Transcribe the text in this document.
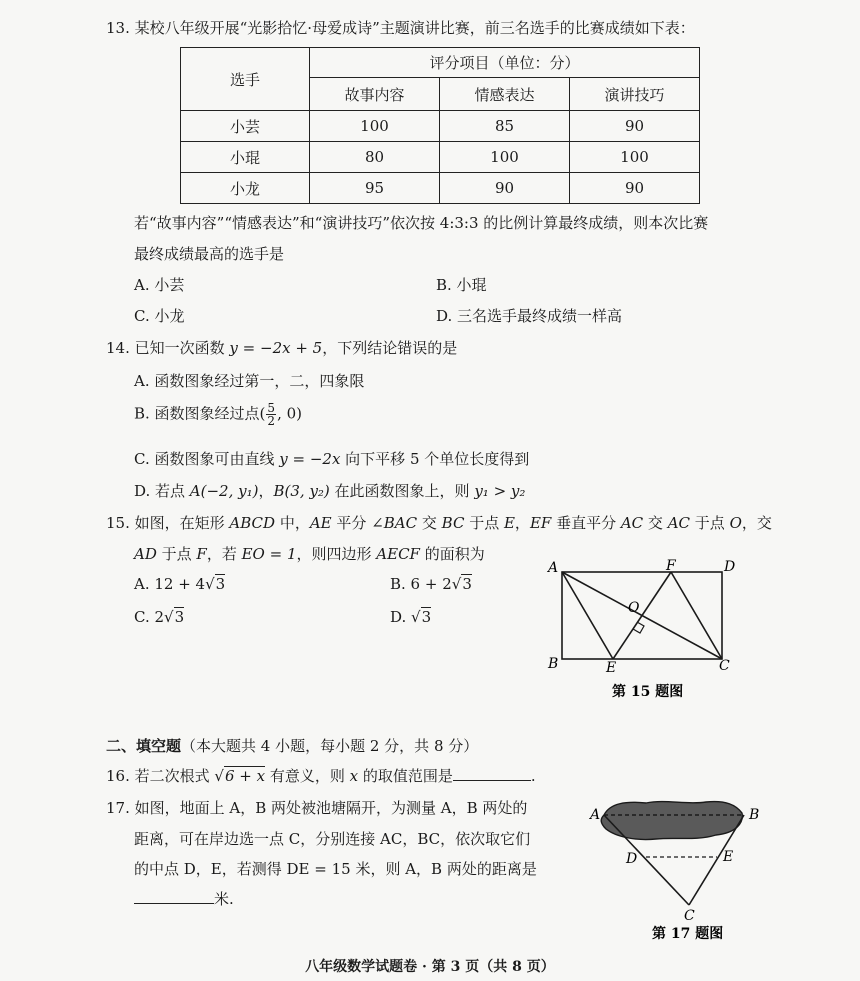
13. 某校八年级开展“光影拾忆·母爱成诗”主题演讲比赛，前三名选手的比赛成绩如下表：
选手	评分项目（单位：分）		
	故事内容	情感表达	演讲技巧
小芸	100	85	90
小琨	80	100	100
小龙	95	90	90
若“故事内容”“情感表达”和“演讲技巧”依次按 4:3:3 的比例计算最终成绩，则本次比赛
最终成绩最高的选手是
A. 小芸	B. 小琨
C. 小龙	D. 三名选手最终成绩一样高
14. 已知一次函数 y = −2x + 5，下列结论错误的是
A. 函数图象经过第一，二，四象限
B. 函数图象经过点( $\frac{5}{2}$ , 0)
C. 函数图象可由直线 y = −2x 向下平移 5 个单位长度得到
D. 若点 A(−2, y₁)，B(3, y₂) 在此函数图象上，则 y₁ > y₂
15. 如图，在矩形 ABCD 中，AE 平分 ∠BAC 交 BC 于点 E，EF 垂直平分 AC 交 AC 于点 O，交
AD 于点 F，若 EO = 1，则四边形 AECF 的面积为
A. 12 + 4√3	B. 6 + 2√3
C. 2√3	D. √3
A	D
F
O
B	E	C
第 15 题图
二、填空题（本大题共 4 小题，每小题 2 分，共 8 分）
16. 若二次根式 √6 + x 有意义，则 x 的取值范围是	.
17. 如图，地面上 A，B 两处被池塘隔开，为测量 A，B 两处的
距离，可在岸边选一点 C，分别连接 AC，BC，依次取它们
的中点 D，E，若测得 DE = 15 米，则 A，B 两处的距离是
米.
A	B
D	E
C
第 17 题图
八年级数学试题卷 · 第 3 页（共 8 页）
